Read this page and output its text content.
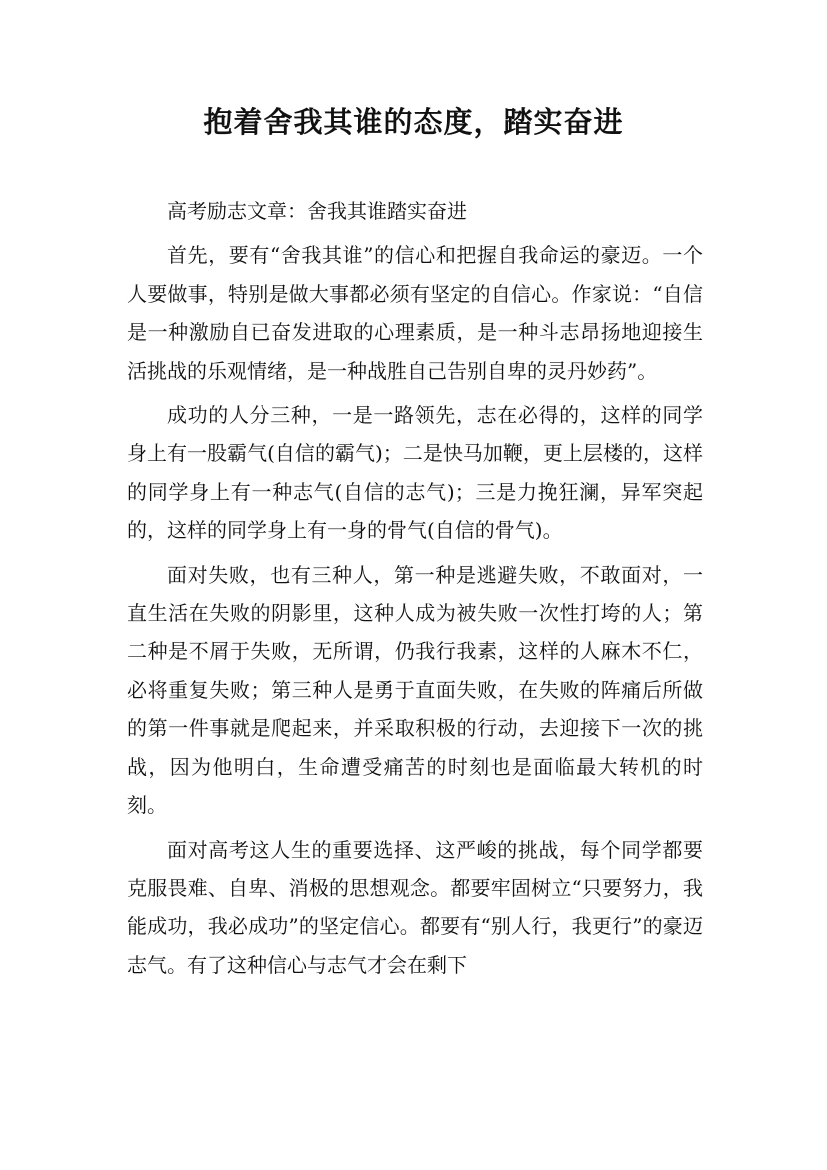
抱着舍我其谁的态度，踏实奋进

高考励志文章：舍我其谁踏实奋进

首先，要有“舍我其谁”的信心和把握自我命运的豪迈。一个人要做事，特别是做大事都必须有坚定的自信心。作家说：“自信是一种激励自已奋发进取的心理素质，是一种斗志昂扬地迎接生活挑战的乐观情绪，是一种战胜自己告别自卑的灵丹妙药”。

成功的人分三种，一是一路领先，志在必得的，这样的同学身上有一股霸气(自信的霸气)；二是快马加鞭，更上层楼的，这样的同学身上有一种志气(自信的志气)；三是力挽狂澜，异军突起的，这样的同学身上有一身的骨气(自信的骨气)。

面对失败，也有三种人，第一种是逃避失败，不敢面对，一直生活在失败的阴影里，这种人成为被失败一次性打垮的人；第二种是不屑于失败，无所谓，仍我行我素，这样的人麻木不仁，必将重复失败；第三种人是勇于直面失败，在失败的阵痛后所做的第一件事就是爬起来，并采取积极的行动，去迎接下一次的挑战，因为他明白，生命遭受痛苦的时刻也是面临最大转机的时刻。

面对高考这人生的重要选择、这严峻的挑战，每个同学都要克服畏难、自卑、消极的思想观念。都要牢固树立“只要努力，我能成功，我必成功”的坚定信心。都要有“别人行，我更行”的豪迈志气。有了这种信心与志气才会在剩下
